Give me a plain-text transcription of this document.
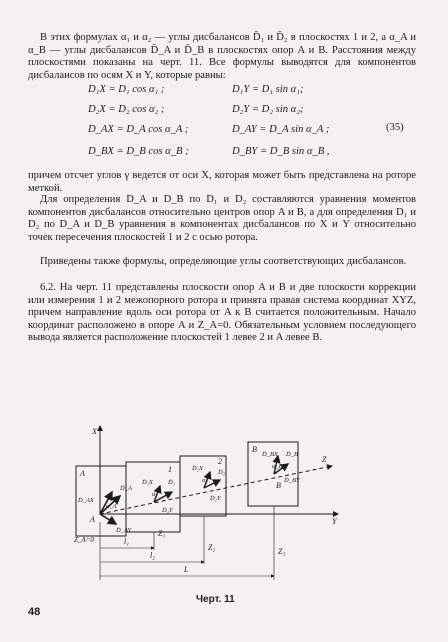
В этих формулах α₁ и α₂ — углы дисбалансов D̄₁ и D̄₂ в плоскостях 1 и 2, а α_A и α_B — углы дисбалансов D̄_A и D̄_B в плоскостях опор A и B. Расстояния между плоскостями показаны на черт. 11. Все формулы выводятся для компонентов дисбалансов по осям X и Y, которые равны:
D₁X = D₁ cos α₁ ;	D₁Y = D₁ sin α₁;
D₂X = D₂ cos α₂ ;	D₂Y = D₂ sin α₂;
D_AX = D_A cos α_A ;	D_AY = D_A sin α_A ;
D_BX = D_B cos α_B ;	D_BY = D_B sin α_B ,
(35)
причем отсчет углов γ ведется от оси X, которая может быть представлена на роторе меткой.
Для определения D_A и D_B по D₁ и D₂ составляются уравнения моментов компонентов дисбалансов относительно центров опор A и B, а для определения D₁ и D₂ по D_A и D_B уравнения в компонентах дисбалансов по X и Y относительно точек пересечения плоскостей 1 и 2 с осью ротора.
Приведены также формулы, определяющие углы соответствующих дисбалансов.
6.2. На черт. 11 представлены плоскости опор A и B и две плоскости коррекции или измерения 1 и 2 межопорного ротора и принята правая система координат XYZ, причем направление вдоль оси ротора от A к B считается положительным. Начало координат расположено в опоре A и Z_A=0. Обязательным условием последующего вывода является расположение плоскостей 1 левее 2 и A левее B.
X
Y
Z
A
A
1
2
B
B
D̄_AX
D̄_A
D̄_AY
α_A
D̄₁X D̄₁
D̄₁Y
α₁
D̄₂X
D̄₂
D̄₂Y
α₂
D̄_BX D̄_B
D̄_BY
α_B
Z_A=0	l₁
l₂
L
Z₁
Z₂	Z₃
Черт. 11
48
